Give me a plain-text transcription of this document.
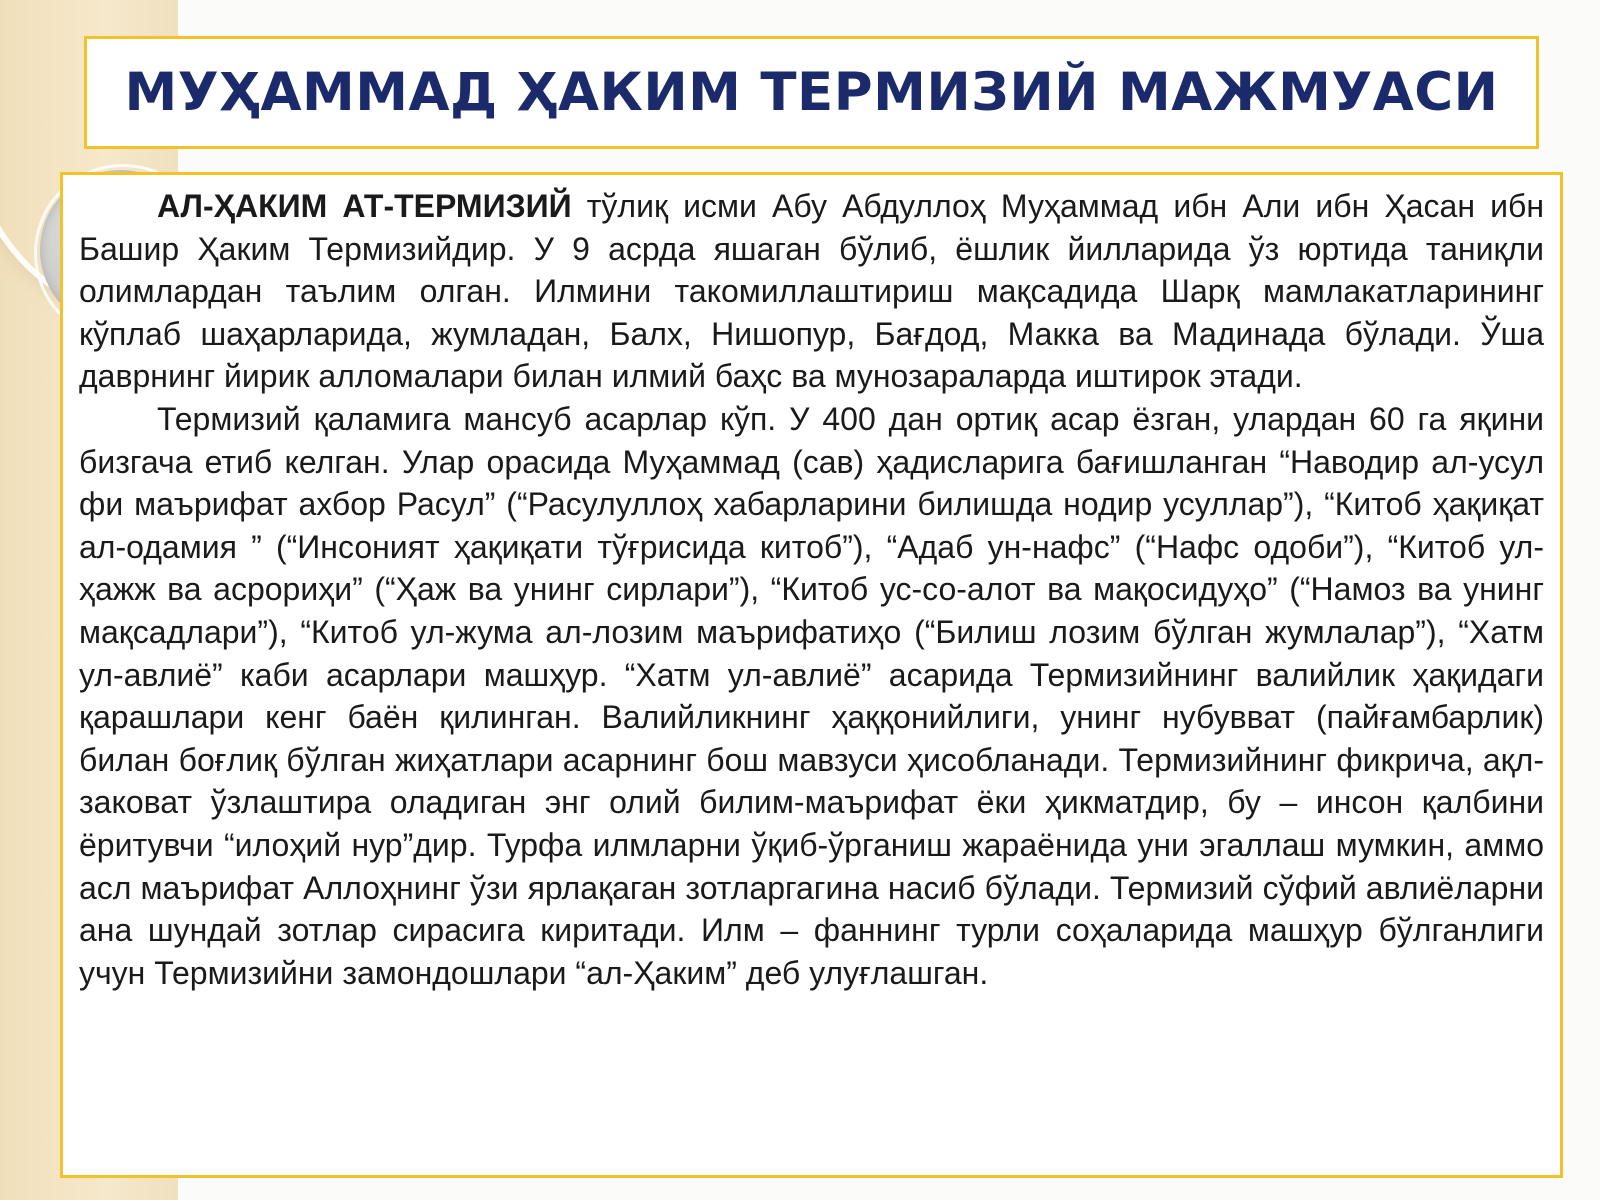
МУҲАММАД ҲАКИМ ТЕРМИЗИЙ МАЖМУАСИ

АЛ-ҲАКИМ АТ-ТЕРМИЗИЙ тўлиқ исми Абу Абдуллоҳ Муҳаммад ибн Али ибн Ҳасан ибн Башир Ҳаким Термизийдир. У 9 асрда яшаган бўлиб, ёшлик йилларида ўз юртида таниқли олимлардан таълим олган. Илмини такомиллаштириш мақсадида Шарқ мамлакатларининг кўплаб шаҳарларида, жумладан, Балх, Нишопур, Бағдод, Макка ва Мадинада бўлади. Ўша даврнинг йирик алломалари билан илмий баҳс ва мунозараларда иштирок этади.

Термизий қаламига мансуб асарлар кўп. У 400 дан ортиқ асар ёзган, улардан 60 га яқини бизгача етиб келган. Улар орасида Муҳаммад (сав) ҳадисларига бағишланган “Наводир ал-усул фи маърифат ахбор Расул” (“Расулуллоҳ хабарларини билишда нодир усуллар”), “Китоб ҳақиқат ал-одамия ” (“Инсоният ҳақиқати тўғрисида китоб”), “Адаб ун-нафс” (“Нафс одоби”), “Китоб ул-ҳажж ва асрориҳи” (“Ҳаж ва унинг сирлари”), “Китоб ус-со-алот ва мақосидуҳо” (“Намоз ва унинг мақсадлари”), “Китоб ул-жума ал-лозим маърифатиҳо (“Билиш лозим бўлган жумлалар”), “Хатм ул-авлиё” каби асарлари машҳур. “Хатм ул-авлиё” асарида Термизийнинг валийлик ҳақидаги қарашлари кенг баён қилинган. Валийликнинг ҳаққонийлиги, унинг нубувват (пайғамбарлик) билан боғлиқ бўлган жиҳатлари асарнинг бош мавзуси ҳисобланади. Термизийнинг фикрича, ақл-заковат ўзлаштира оладиган энг олий билим-маърифат ёки ҳикматдир, бу – инсон қалбини ёритувчи “илоҳий нур”дир. Турфа илмларни ўқиб-ўрганиш жараёнида уни эгаллаш мумкин, аммо асл маърифат Аллоҳнинг ўзи ярлақаган зотларгагина насиб бўлади. Термизий сўфий авлиёларни ана шундай зотлар сирасига киритади. Илм – фаннинг турли соҳаларида машҳур бўлганлиги учун Термизийни замондошлари “ал-Ҳаким” деб улуғлашган.
